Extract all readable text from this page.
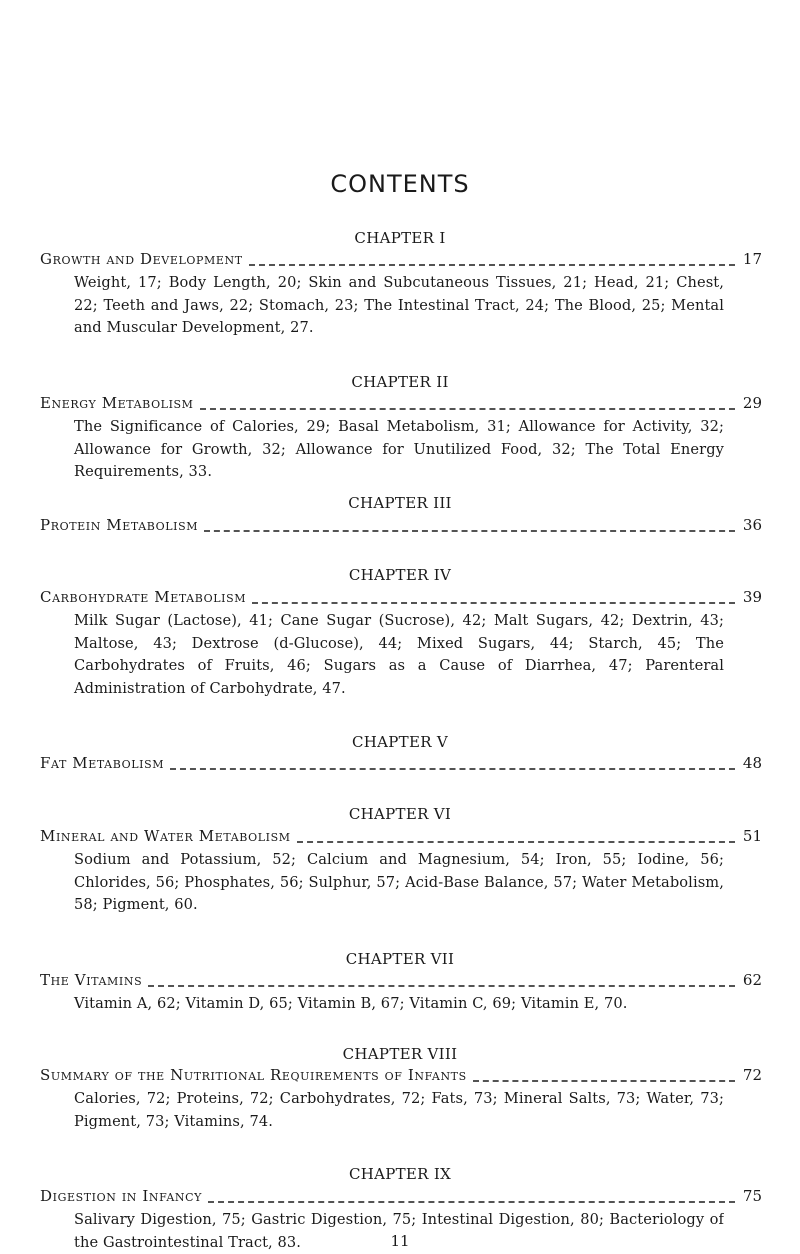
CONTENTS
CHAPTER I
Growth and Development	17

Weight, 17; Body Length, 20; Skin and Subcutaneous Tissues, 21; Head, 21; Chest, 22; Teeth and Jaws, 22; Stomach, 23; The Intestinal Tract, 24; The Blood, 25; Mental and Muscular Development, 27.

CHAPTER II
Energy Metabolism	29

The Significance of Calories, 29; Basal Metabolism, 31; Allowance for Activity, 32; Allowance for Growth, 32; Allowance for Unutilized Food, 32; The Total Energy Requirements, 33.

CHAPTER III
Protein Metabolism	36
CHAPTER IV
Carbohydrate Metabolism	39

Milk Sugar (Lactose), 41; Cane Sugar (Sucrose), 42; Malt Sugars, 42; Dextrin, 43; Maltose, 43; Dextrose (d-Glucose), 44; Mixed Sugars, 44; Starch, 45; The Carbohydrates of Fruits, 46; Sugars as a Cause of Diarrhea, 47; Parenteral Administration of Carbohydrate, 47.

CHAPTER V
Fat Metabolism	48
CHAPTER VI
Mineral and Water Metabolism	51

Sodium and Potassium, 52; Calcium and Magnesium, 54; Iron, 55; Iodine, 56; Chlorides, 56; Phosphates, 56; Sulphur, 57; Acid-Base Balance, 57; Water Metabolism, 58; Pigment, 60.

CHAPTER VII
The Vitamins	62

Vitamin A, 62; Vitamin D, 65; Vitamin B, 67; Vitamin C, 69; Vitamin E, 70.

CHAPTER VIII
Summary of the Nutritional Requirements of Infants	72

Calories, 72; Proteins, 72; Carbohydrates, 72; Fats, 73; Mineral Salts, 73; Water, 73; Pigment, 73; Vitamins, 74.

CHAPTER IX
Digestion in Infancy	75

Salivary Digestion, 75; Gastric Digestion, 75; Intestinal Digestion, 80; Bacteriology of the Gastrointestinal Tract, 83.	11
